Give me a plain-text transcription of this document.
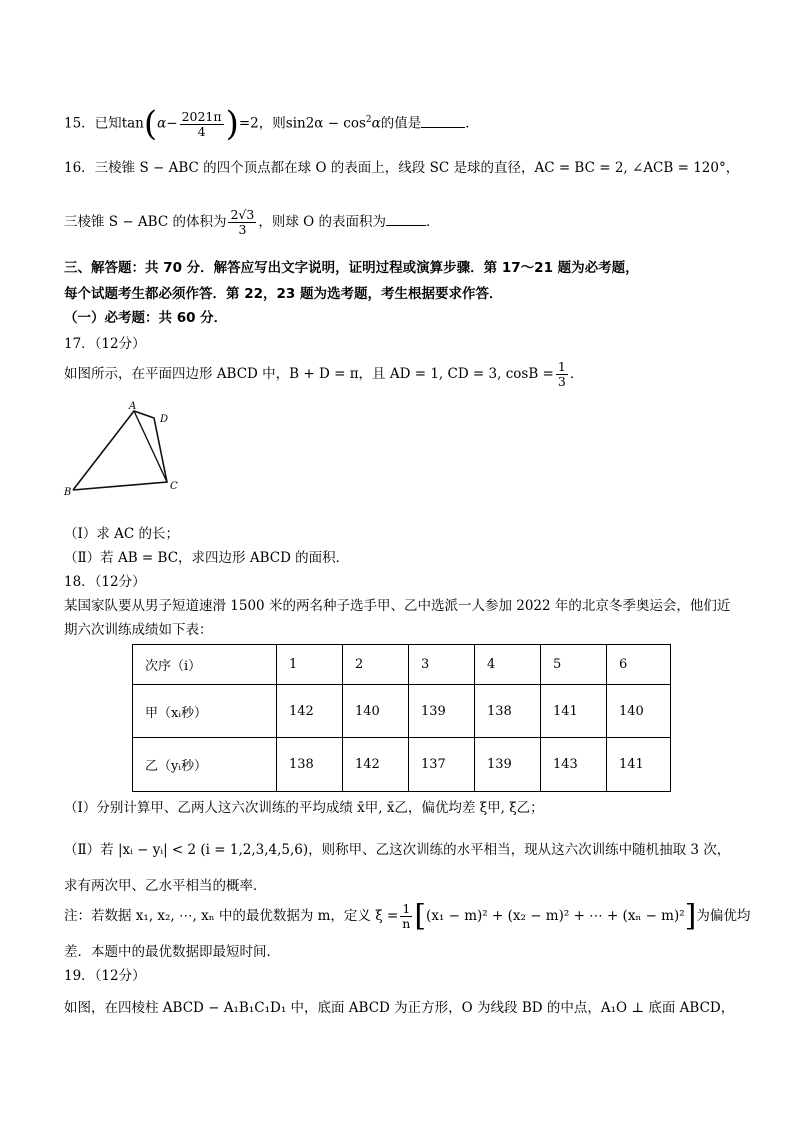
15．已知$\tan(\alpha- \frac{2021\pi}{4} )=2$，则$\sin 2\alpha - \cos^2\alpha$的值是	．
16．三棱锥 S − ABC 的四个顶点都在球 O 的表面上，线段 SC 是球的直径，AC = BC = 2, ∠ACB = 120°，
三棱锥 S − ABC 的体积为 $\frac{2√3}{3}$ ，则球 O 的表面积为	．
三、解答题：共 70 分．解答应写出文字说明，证明过程或演算步骤．第 17～21 题为必考题，
每个试题考生都必须作答．第 22，23 题为选考题，考生根据要求作答．
（一）必考题：共 60 分．
17．（12分）
如图所示，在平面四边形 ABCD 中，B + D = π，且 AD = 1, CD = 3, $\cos B = \frac{1}{3}$ ．
A
D
B
C
（Ⅰ）求 AC 的长；
（Ⅱ）若 AB = BC，求四边形 ABCD 的面积．
18．（12分）
某国家队要从男子短道速滑 1500 米的两名种子选手甲、乙中选派一人参加 2022 年的北京冬季奥运会，他们近
期六次训练成绩如下表：
次序（i）	1	2	3	4	5	6
甲（xᵢ秒）	142	140	139	138	141	140
乙（yᵢ秒）	138	142	137	139	143	141
（Ⅰ）分别计算甲、乙两人这六次训练的平均成绩 x̄甲, x̄乙，偏优均差 ξ甲, ξ乙；
（Ⅱ）若 |xᵢ − yᵢ| < 2 (i = 1,2,3,4,5,6)，则称甲、乙这次训练的水平相当，现从这六次训练中随机抽取 3 次，
求有两次甲、乙水平相当的概率．
注：若数据 x₁, x₂, ⋯, xₙ 中的最优数据为 m，定义 $\xi = \frac{1}{n} [(x_1 - m)^2 + (x_2 - m)^2$ + ⋯ + (xₙ − m)²]为偏优均
差．本题中的最优数据即最短时间．
19．（12分）
如图，在四棱柱 ABCD − A₁B₁C₁D₁ 中，底面 ABCD 为正方形，O 为线段 BD 的中点，A₁O ⊥ 底面 ABCD，
